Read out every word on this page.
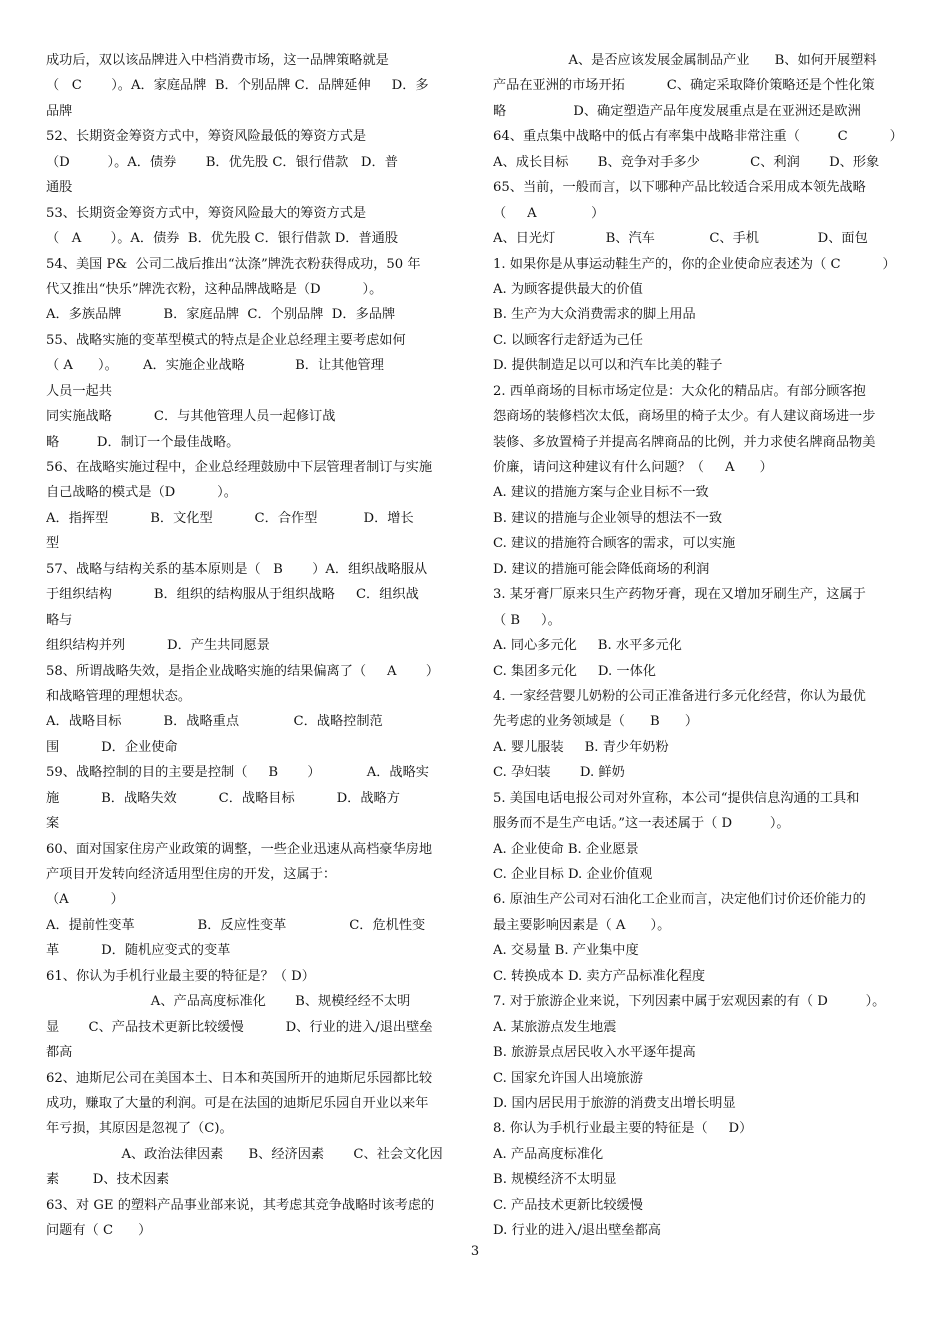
成功后，双以该品牌进入中档消费市场，这一品牌策略就是
（   C       ）。A．家庭品牌  B．个别品牌 C．品牌延伸     D．多
品牌
52、长期资金筹资方式中，筹资风险最低的筹资方式是
（D         ）。A．债券       B．优先股 C．银行借款   D．普
通股
53、长期资金筹资方式中，筹资风险最大的筹资方式是
（   A       ）。A．债券  B．优先股 C．银行借款 D．普通股
54、美国 P&  公司二战后推出“汰涤”牌洗衣粉获得成功，50 年
代又推出“快乐”牌洗衣粉，这种品牌战略是（D          ）。
A．多族品牌          B．家庭品牌  C．个别品牌  D．多品牌
55、战略实施的变革型模式的特点是企业总经理主要考虑如何
（ A      ）。      A．实施企业战略            B．让其他管理
人员一起共
同实施战略          C．与其他管理人员一起修订战
略         D．制订一个最佳战略。
56、在战略实施过程中，企业总经理鼓励中下层管理者制订与实施
自己战略的模式是（D          ）。
A．指挥型          B．文化型          C．合作型           D．增长
型
57、战略与结构关系的基本原则是（   B       ）A．组织战略服从
于组织结构          B．组织的结构服从于组织战略     C．组织战
略与
组织结构并列          D．产生共同愿景
58、所谓战略失效，是指企业战略实施的结果偏离了（     A       ）
和战略管理的理想状态。
A．战略目标          B．战略重点             C．战略控制范
围          D．企业使命
59、战略控制的目的主要是控制（     B       ）           A．战略实
施          B．战略失效          C．战略目标          D．战略方
案
60、面对国家住房产业政策的调整，一些企业迅速从高档豪华房地
产项目开发转向经济适用型住房的开发，这属于：
（A          ）
A．提前性变革               B．反应性变革               C．危机性变
革          D．随机应变式的变革
61、你认为手机行业最主要的特征是？（ D）
A、产品高度标准化       B、规模经经不太明
显       C、产品技术更新比较缓慢          D、行业的进入/退出壁垒
都高
62、迪斯尼公司在美国本土、日本和英国所开的迪斯尼乐园都比较
成功，赚取了大量的利润。可是在法国的迪斯尼乐园自开业以来年
年亏损，其原因是忽视了（C)。
A、政治法律因素      B、经济因素       C、社会文化因
素        D、技术因素
63、对 GE 的塑料产品事业部来说，其考虑其竞争战略时该考虑的
问题有（ C      ）
A、是否应该发展金属制品产业      B、如何开展塑料
产品在亚洲的市场开拓          C、确定采取降价策略还是个性化策
略                D、确定塑造产品年度发展重点是在亚洲还是欧洲
64、重点集中战略中的低占有率集中战略非常注重（         C          ）
A、成长目标       B、竞争对手多少            C、利润       D、形象
65、当前，一般而言，以下哪种产品比较适合采用成本领先战略
（     A             ）
A、日光灯            B、汽车             C、手机              D、面包
1. 如果你是从事运动鞋生产的，你的企业使命应表述为（ C          ）
A. 为顾客提供最大的价值
B. 生产为大众消费需求的脚上用品
C. 以顾客行走舒适为己任
D. 提供制造足以可以和汽车比美的鞋子
2. 西单商场的目标市场定位是：大众化的精品店。有部分顾客抱
怨商场的装修档次太低，商场里的椅子太少。有人建议商场进一步
装修、多放置椅子并提高名牌商品的比例，并力求使名牌商品物美
价廉，请问这种建议有什么问题？（     A      ）
A. 建议的措施方案与企业目标不一致
B. 建议的措施与企业领导的想法不一致
C. 建议的措施符合顾客的需求，可以实施
D. 建议的措施可能会降低商场的利润
3. 某牙膏厂原来只生产药物牙膏，现在又增加牙刷生产，这属于
（ B     ）。
A. 同心多元化     B. 水平多元化
C. 集团多元化     D. 一体化
4. 一家经营婴儿奶粉的公司正准备进行多元化经营，你认为最优
先考虑的业务领域是（      B      ）
A. 婴儿服装     B. 青少年奶粉
C. 孕妇装       D. 鲜奶
5. 美国电话电报公司对外宣称，本公司“提供信息沟通的工具和
服务而不是生产电话。”这一表述属于（ D         ）。
A. 企业使命 B. 企业愿景
C. 企业目标 D. 企业价值观
6. 原油生产公司对石油化工企业而言，决定他们讨价还价能力的
最主要影响因素是（ A      ）。
A. 交易量 B. 产业集中度
C. 转换成本 D. 卖方产品标准化程度
7. 对于旅游企业来说，下列因素中属于宏观因素的有（ D         ）。
A. 某旅游点发生地震
B. 旅游景点居民收入水平逐年提高
C. 国家允许国人出境旅游
D. 国内居民用于旅游的消费支出增长明显
8. 你认为手机行业最主要的特征是（     D）
A. 产品高度标准化
B. 规模经济不太明显
C. 产品技术更新比较缓慢
D. 行业的进入/退出壁垒都高
3
